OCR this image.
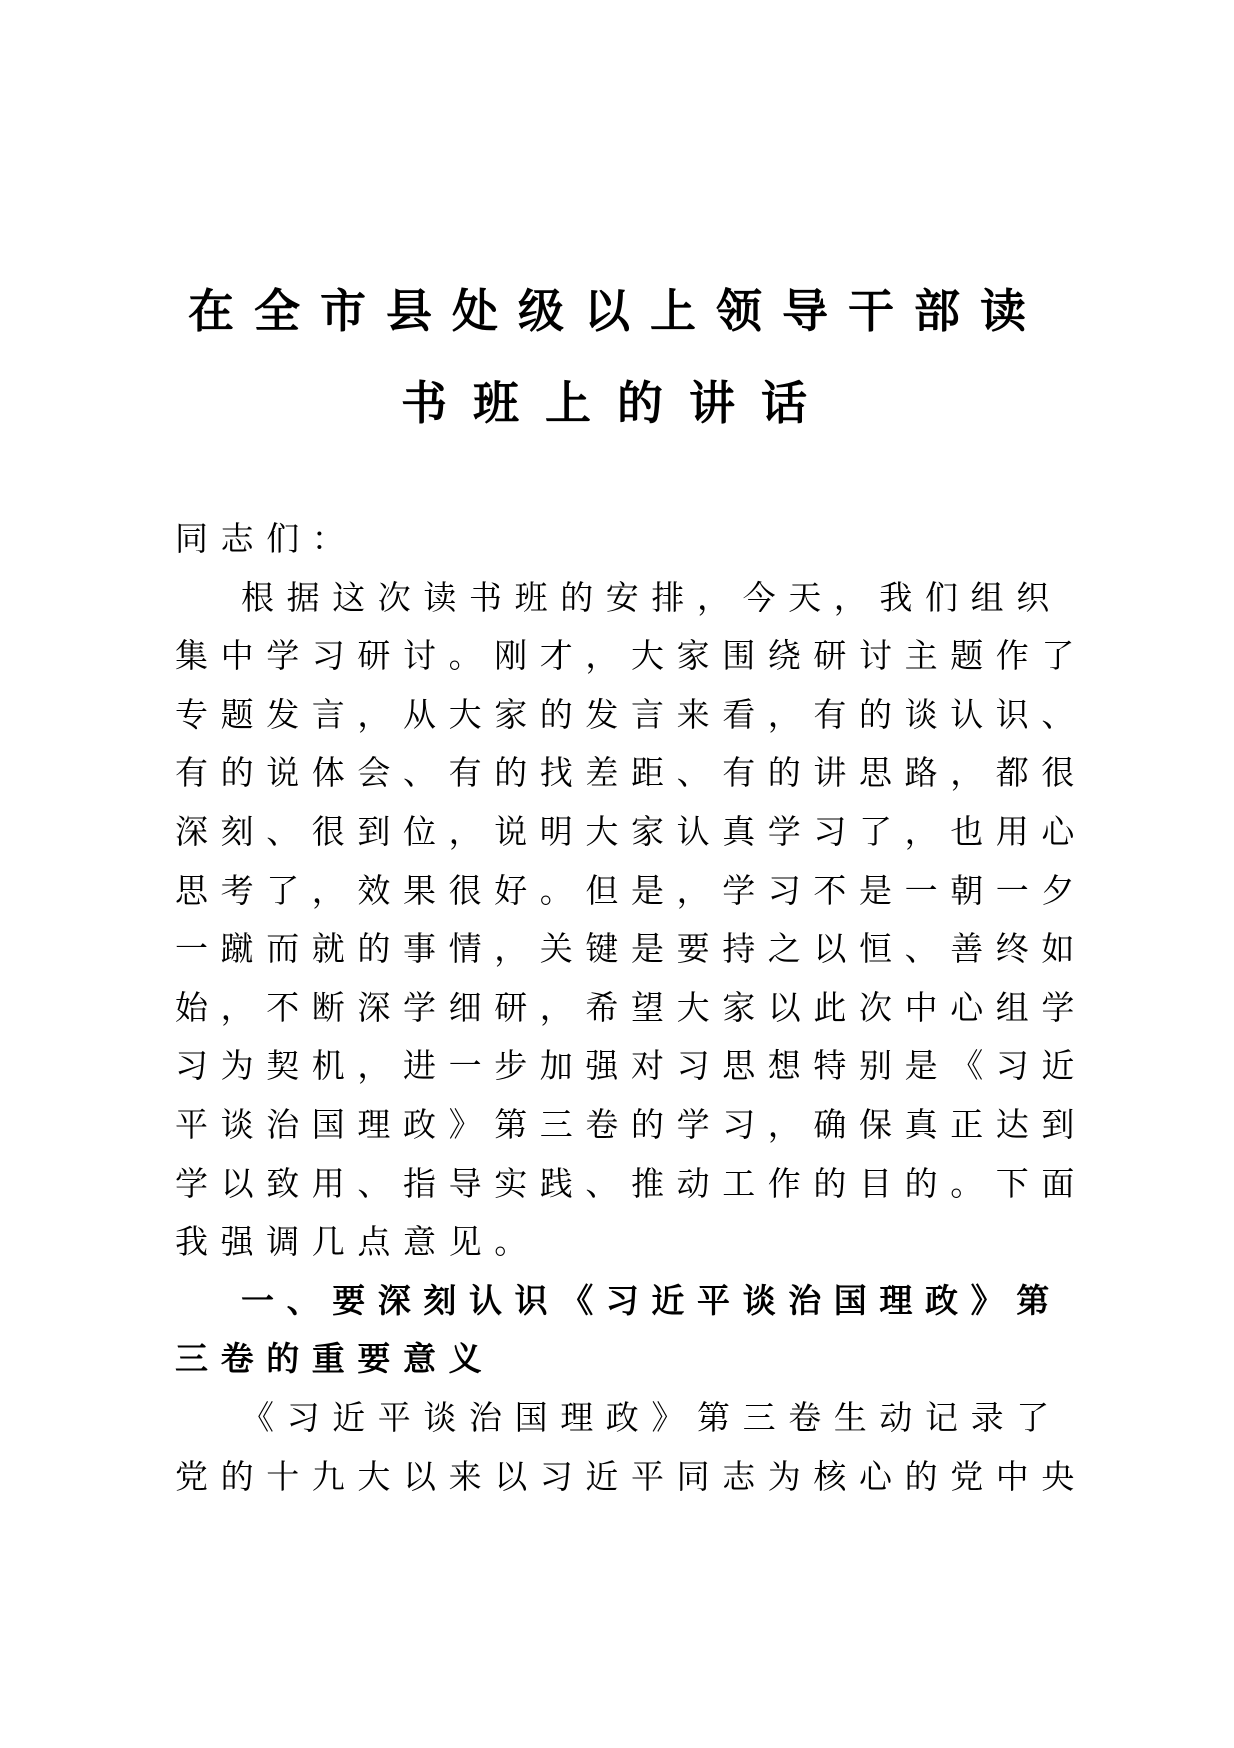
在全市县处级以上领导干部读
书班上的讲话
同志们：
根据这次读书班的安排，今天，我们组织
集中学习研讨。刚才，大家围绕研讨主题作了
专题发言，从大家的发言来看，有的谈认识、
有的说体会、有的找差距、有的讲思路，都很
深刻、很到位，说明大家认真学习了，也用心
思考了，效果很好。但是，学习不是一朝一夕
一蹴而就的事情，关键是要持之以恒、善终如
始，不断深学细研，希望大家以此次中心组学
习为契机，进一步加强对习思想特别是《习近
平谈治国理政》第三卷的学习，确保真正达到
学以致用、指导实践、推动工作的目的。下面
我强调几点意见。
一、要深刻认识《习近平谈治国理政》第
三卷的重要意义
《习近平谈治国理政》第三卷生动记录了
党的十九大以来以习近平同志为核心的党中央
